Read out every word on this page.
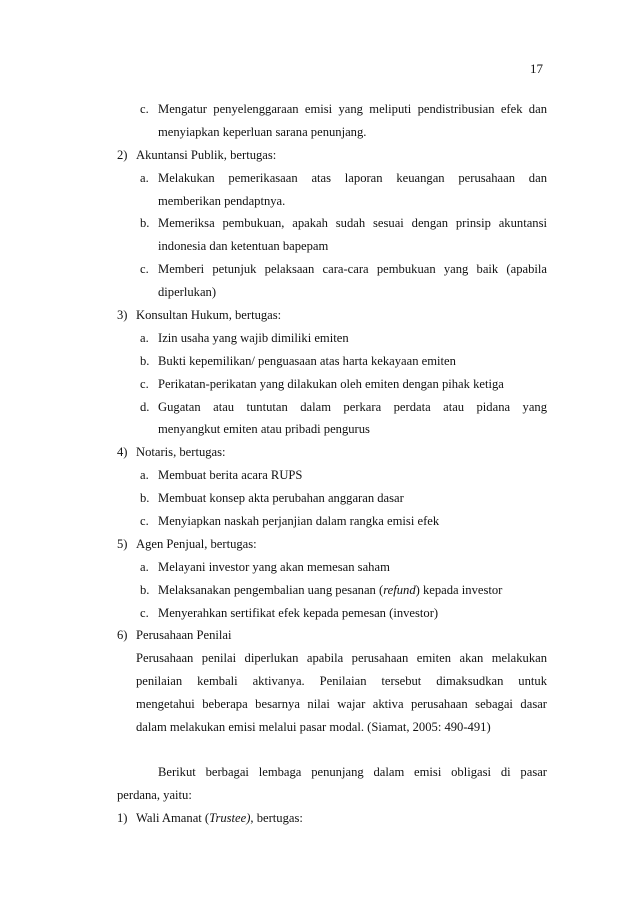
17
c. Mengatur penyelenggaraan emisi yang meliputi pendistribusian efek dan
menyiapkan keperluan sarana penunjang.
2) Akuntansi Publik, bertugas:
a. Melakukan pemerikasaan atas laporan keuangan perusahaan dan
memberikan pendaptnya.
b. Memeriksa pembukuan, apakah sudah sesuai dengan prinsip akuntansi
indonesia dan ketentuan bapepam
c. Memberi petunjuk pelaksaan cara-cara pembukuan yang baik (apabila
diperlukan)
3) Konsultan Hukum, bertugas:
a. Izin usaha yang wajib dimiliki emiten
b. Bukti kepemilikan/ penguasaan atas harta kekayaan emiten
c. Perikatan-perikatan yang dilakukan oleh emiten dengan pihak ketiga
d. Gugatan atau tuntutan dalam perkara perdata atau pidana yang
menyangkut emiten atau pribadi pengurus
4) Notaris, bertugas:
a. Membuat berita acara RUPS
b. Membuat konsep akta perubahan anggaran dasar
c. Menyiapkan naskah perjanjian dalam rangka emisi efek
5) Agen Penjual, bertugas:
a. Melayani investor yang akan memesan saham
b. Melaksanakan pengembalian uang pesanan (refund) kepada investor
c. Menyerahkan sertifikat efek kepada pemesan (investor)
6) Perusahaan Penilai
Perusahaan penilai diperlukan apabila perusahaan emiten akan melakukan
penilaian kembali aktivanya. Penilaian tersebut dimaksudkan untuk
mengetahui beberapa besarnya nilai wajar aktiva perusahaan sebagai dasar
dalam melakukan emisi melalui pasar modal. (Siamat, 2005: 490-491)
Berikut berbagai lembaga penunjang dalam emisi obligasi di pasar
perdana, yaitu:
1) Wali Amanat (Trustee), bertugas:
